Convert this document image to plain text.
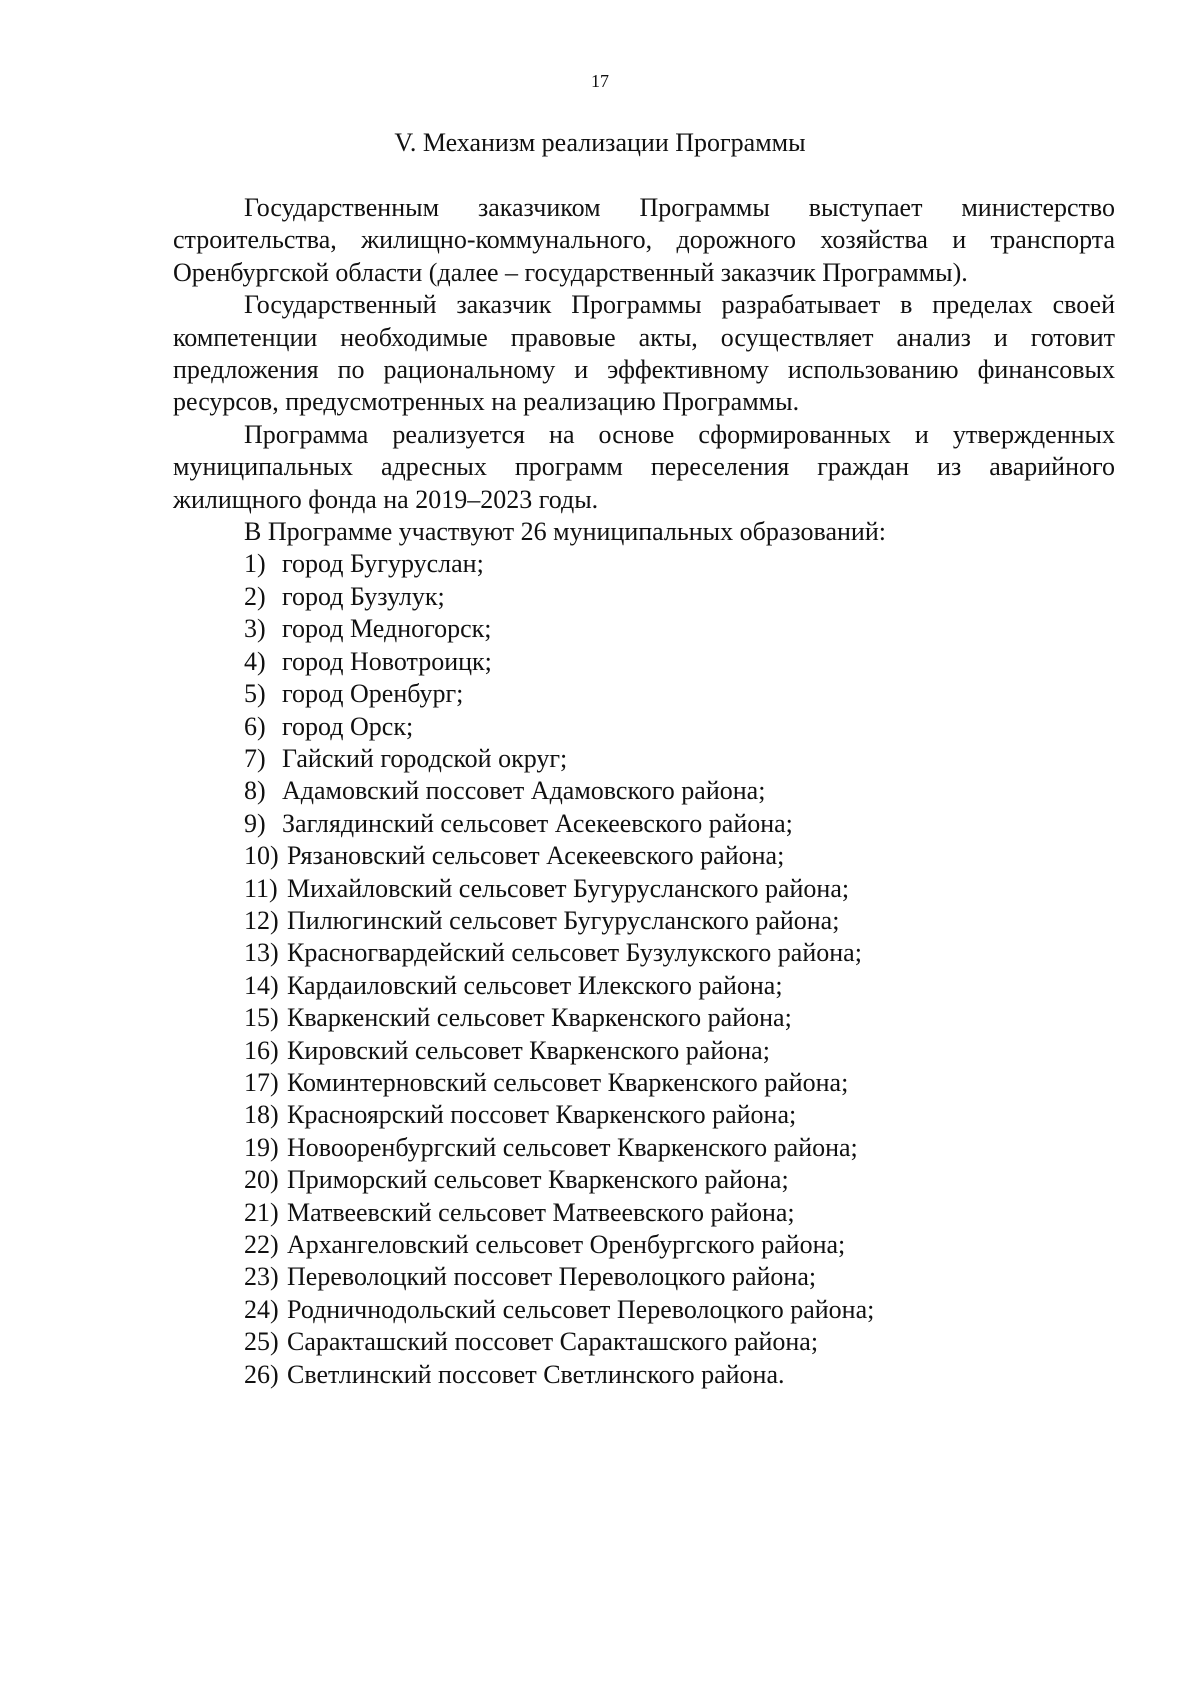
17
V. Механизм реализации Программы

Государственным заказчиком Программы выступает министерство строительства, жилищно-коммунального, дорожного хозяйства и транспорта Оренбургской области (далее – государственный заказчик Программы).

Государственный заказчик Программы разрабатывает в пределах своей компетенции необходимые правовые акты, осуществляет анализ и готовит предложения по рациональному и эффективному использованию финансовых ресурсов, предусмотренных на реализацию Программы.

Программа реализуется на основе сформированных и утвержденных муниципальных адресных программ переселения граждан из аварийного жилищного фонда на 2019–2023 годы.

В Программе участвуют 26 муниципальных образований:

1) город Бугуруслан;
2) город Бузулук;
3) город Медногорск;
4) город Новотроицк;
5) город Оренбург;
6) город Орск;
7) Гайский городской округ;
8) Адамовский поссовет Адамовского района;
9) Заглядинский сельсовет Асекеевского района;
10) Рязановский сельсовет Асекеевского района;
11) Михайловский сельсовет Бугурусланского района;
12) Пилюгинский сельсовет Бугурусланского района;
13) Красногвардейский сельсовет Бузулукского района;
14) Кардаиловский сельсовет Илекского района;
15) Кваркенский сельсовет Кваркенского района;
16) Кировский сельсовет Кваркенского района;
17) Коминтерновский сельсовет Кваркенского района;
18) Красноярский поссовет Кваркенского района;
19) Новооренбургский сельсовет Кваркенского района;
20) Приморский сельсовет Кваркенского района;
21) Матвеевский сельсовет Матвеевского района;
22) Архангеловский сельсовет Оренбургского района;
23) Переволоцкий поссовет Переволоцкого района;
24) Родничнодольский сельсовет Переволоцкого района;
25) Саракташский поссовет Саракташского района;
26) Светлинский поссовет Светлинского района.
